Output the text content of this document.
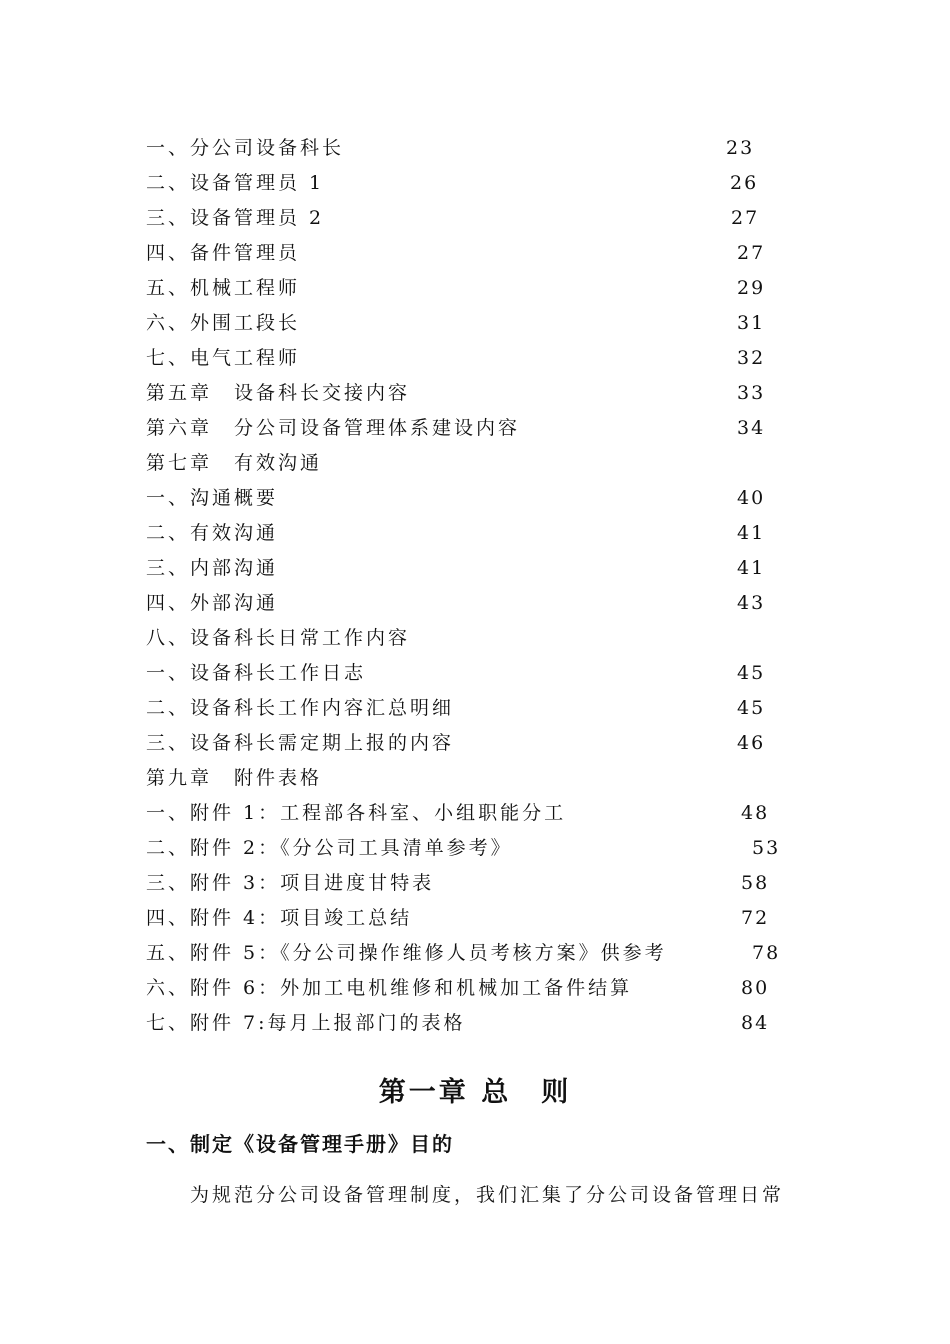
一、分公司设备科长	23
二、设备管理员 1	26
三、设备管理员 2	27
四、备件管理员	27
五、机械工程师	29
六、外围工段长	31
七、电气工程师	32
第五章　设备科长交接内容	33
第六章　分公司设备管理体系建设内容	34
第七章　有效沟通
一、沟通概要	40
二、有效沟通	41
三、内部沟通	41
四、外部沟通	43
八、设备科长日常工作内容
一、设备科长工作日志	45
二、设备科长工作内容汇总明细	45
三、设备科长需定期上报的内容	46
第九章　附件表格
一、附件 1：工程部各科室、小组职能分工	48
二、附件 2：《分公司工具清单参考》	53
三、附件 3：项目进度甘特表	58
四、附件 4：项目竣工总结	72
五、附件 5：《分公司操作维修人员考核方案》供参考	78
六、附件 6：外加工电机维修和机械加工备件结算	80
七、附件 7:每月上报部门的表格	84
第一章 总　则
一、制定《设备管理手册》目的
为规范分公司设备管理制度，我们汇集了分公司设备管理日常
